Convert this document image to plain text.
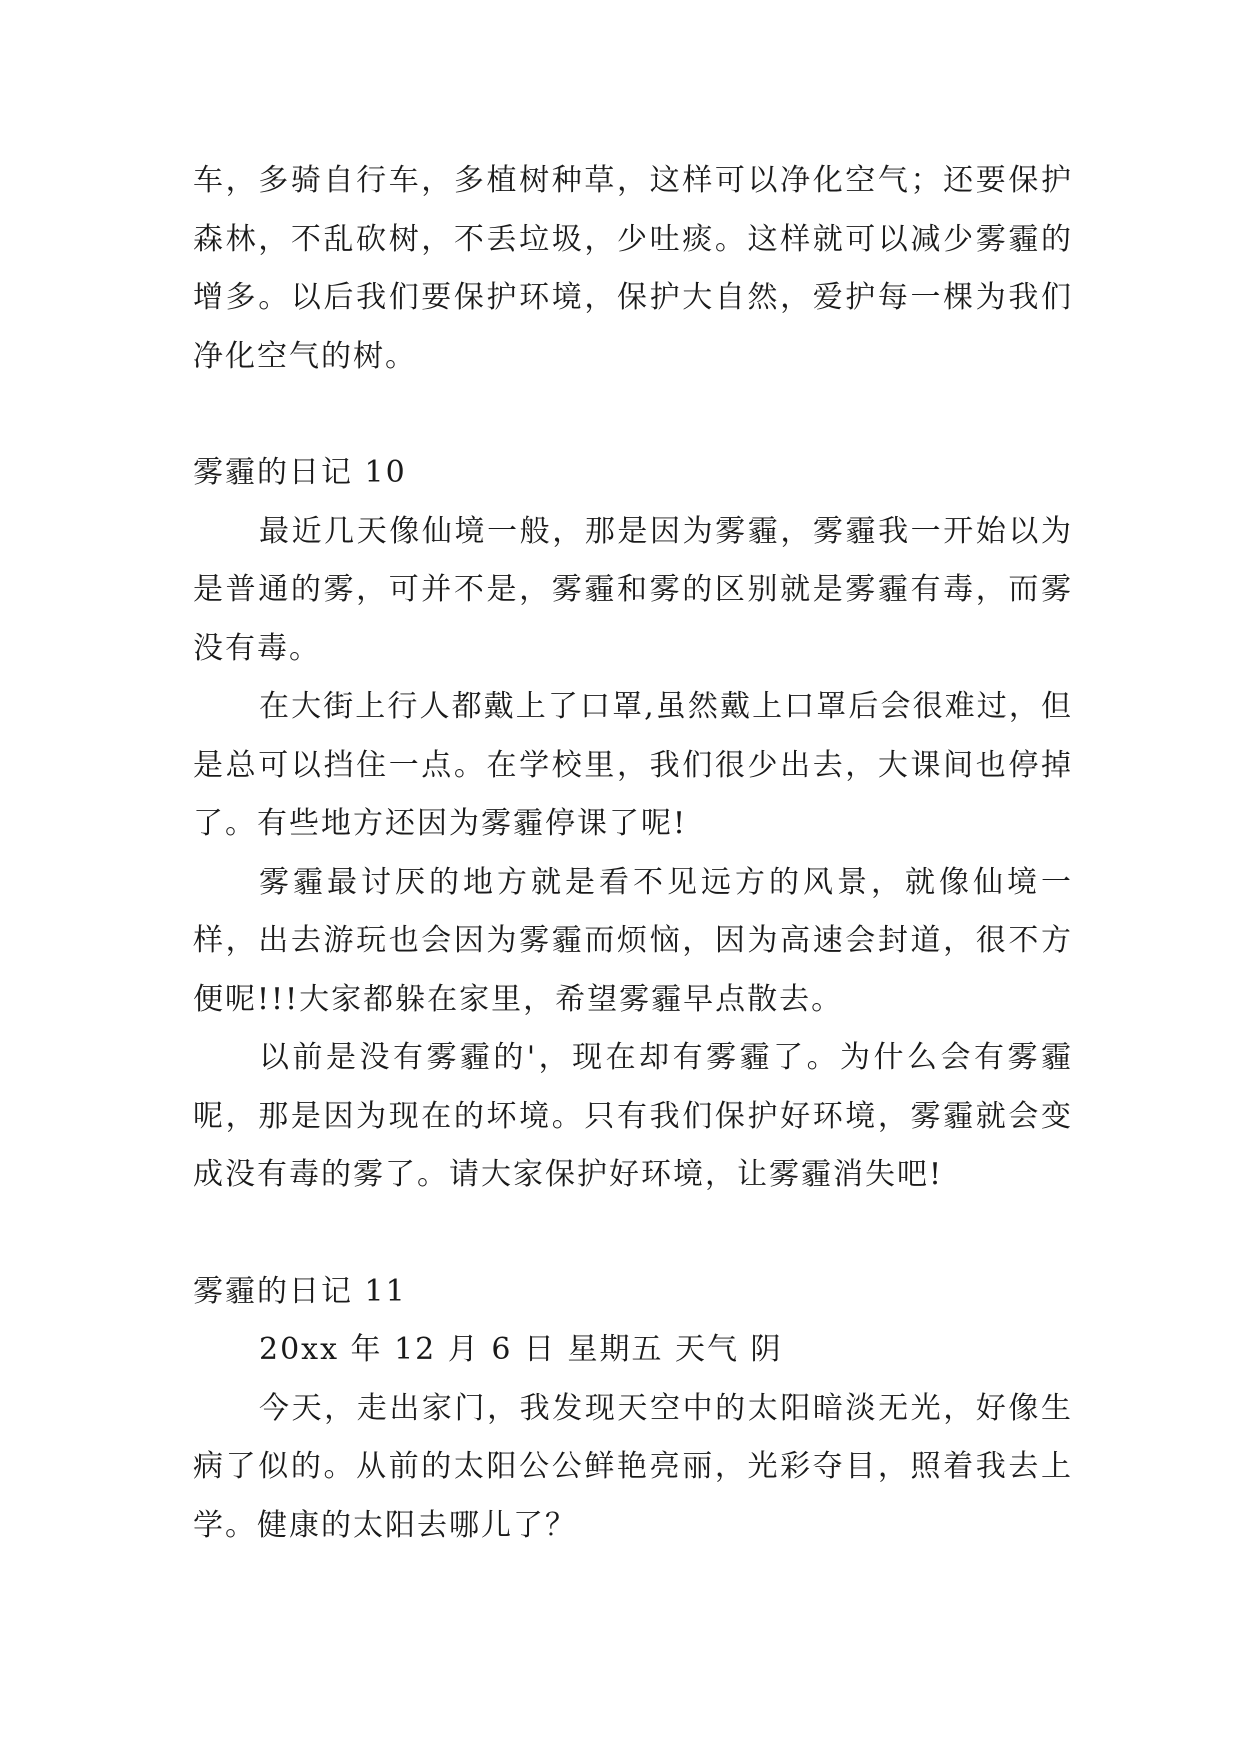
车，多骑自行车，多植树种草，这样可以净化空气；还要保护森林，不乱砍树，不丢垃圾，少吐痰。这样就可以减少雾霾的增多。以后我们要保护环境，保护大自然，爱护每一棵为我们净化空气的树。

雾霾的日记 10

最近几天像仙境一般，那是因为雾霾，雾霾我一开始以为是普通的雾，可并不是，雾霾和雾的区别就是雾霾有毒，而雾没有毒。

在大街上行人都戴上了口罩,虽然戴上口罩后会很难过，但是总可以挡住一点。在学校里，我们很少出去，大课间也停掉了。有些地方还因为雾霾停课了呢!

雾霾最讨厌的地方就是看不见远方的风景，就像仙境一样，出去游玩也会因为雾霾而烦恼，因为高速会封道，很不方便呢!!!大家都躲在家里，希望雾霾早点散去。

以前是没有雾霾的'，现在却有雾霾了。为什么会有雾霾呢，那是因为现在的坏境。只有我们保护好环境，雾霾就会变成没有毒的雾了。请大家保护好环境，让雾霾消失吧!

雾霾的日记 11

20xx 年 12 月 6 日 星期五 天气 阴

今天，走出家门，我发现天空中的太阳暗淡无光，好像生病了似的。从前的太阳公公鲜艳亮丽，光彩夺目，照着我去上学。健康的太阳去哪儿了？
